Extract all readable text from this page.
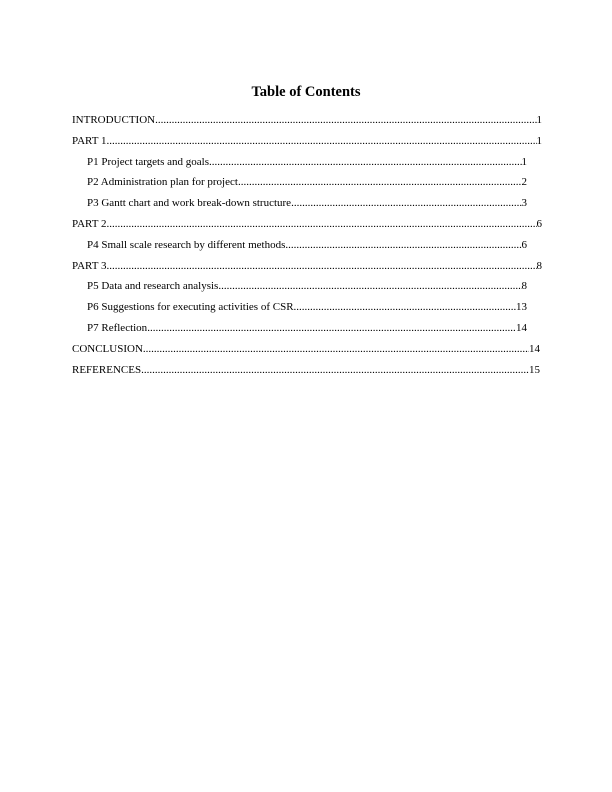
Table of Contents
INTRODUCTION .....	1
PART 1 .....	1
P1 Project targets and goals .....	1
P2 Administration plan for project .....	2
P3 Gantt chart and work break-down structure .....	3
PART 2 .....	6
P4 Small scale research by different methods .....	6
PART 3 .....	8
P5 Data and research analysis .....	8
P6 Suggestions for executing activities of CSR .....	13
P7 Reflection .....	14
CONCLUSION .....	14
REFERENCES .....	15
